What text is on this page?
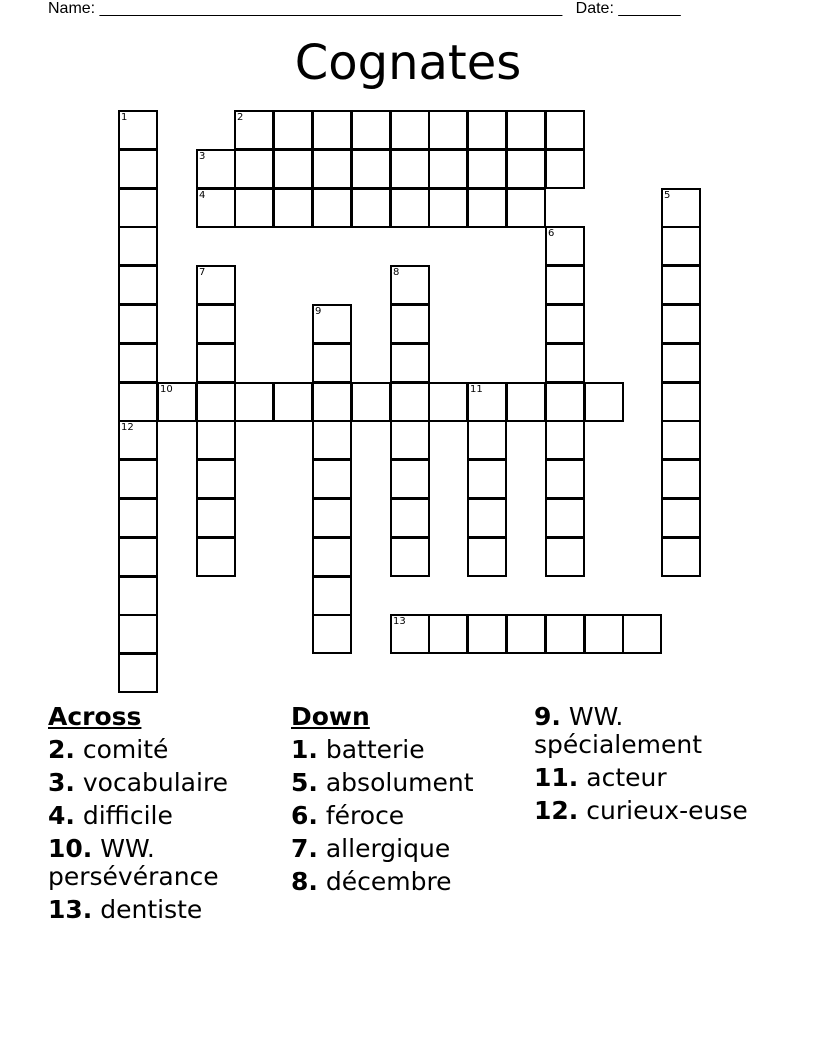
Name: ____________________________________________________ Date: _______
Cognates
1
12
2
3
4	5
6
7	8
9
10	11
13
Across
2. comité
3. vocabulaire
4. difficile
10. WW. persévérance
13. dentiste
Down
1. batterie
5. absolument
6. féroce
7. allergique
8. décembre
9. WW. spécialement
11. acteur
12. curieux-euse
